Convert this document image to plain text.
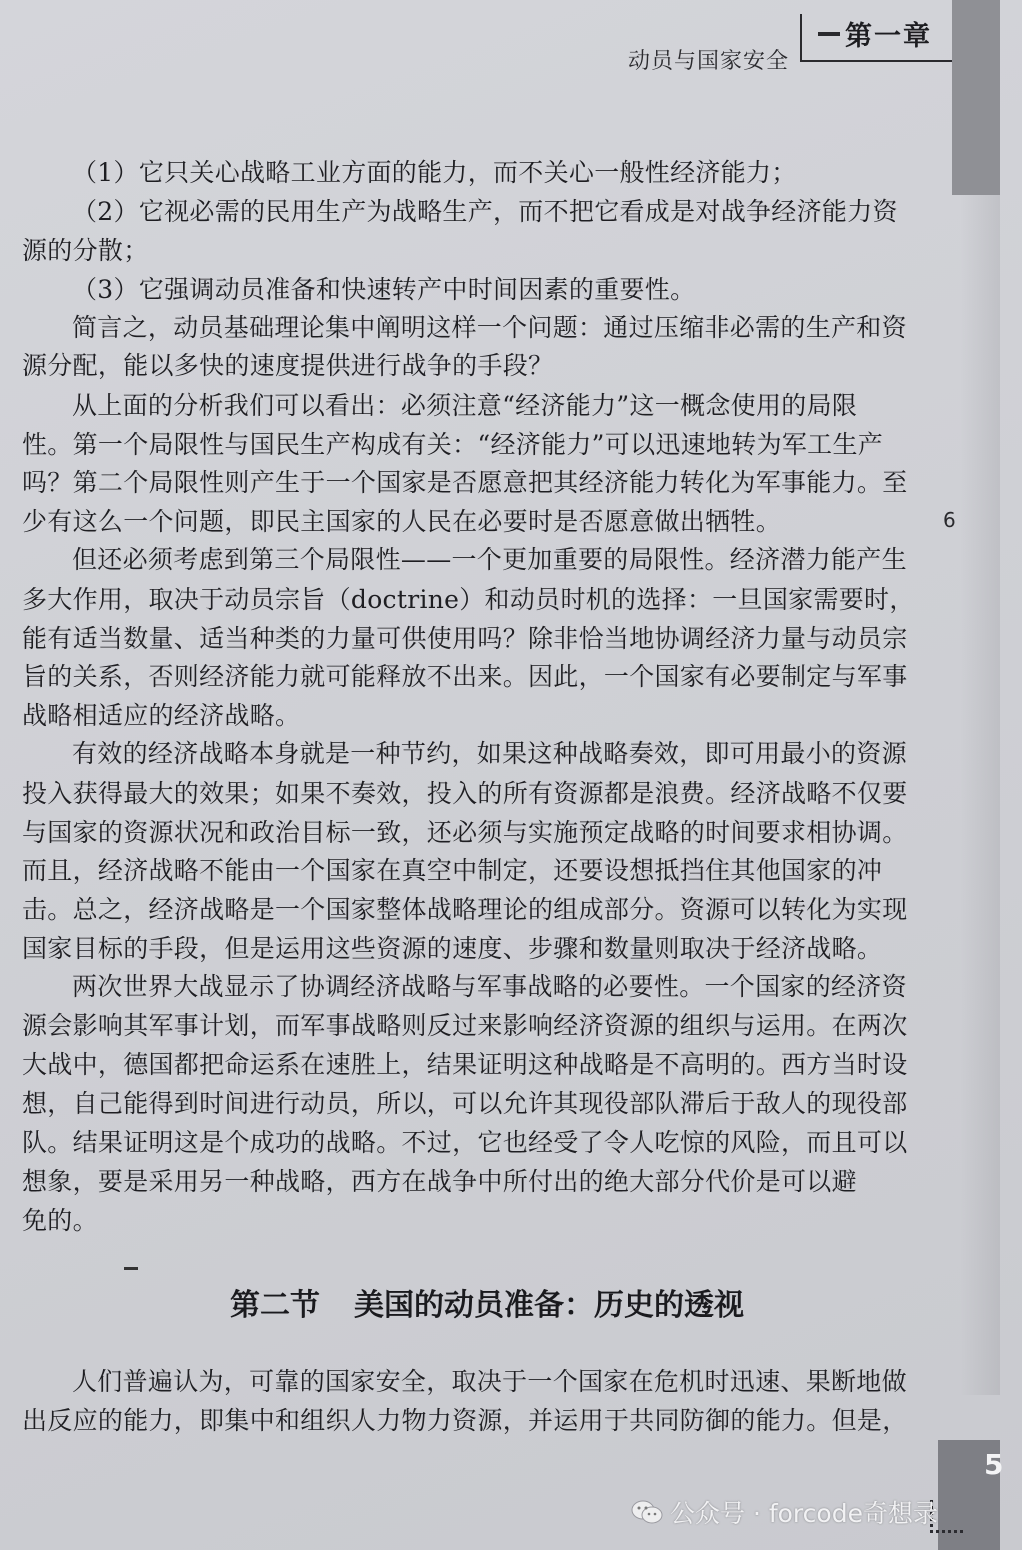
动员与国家安全
第一章
（1）它只关心战略工业方面的能力，而不关心一般性经济能力；
（2）它视必需的民用生产为战略生产，而不把它看成是对战争经济能力资
源的分散；
（3）它强调动员准备和快速转产中时间因素的重要性。
简言之，动员基础理论集中阐明这样一个问题：通过压缩非必需的生产和资
源分配，能以多快的速度提供进行战争的手段？
从上面的分析我们可以看出：必须注意“经济能力”这一概念使用的局限
性。第一个局限性与国民生产构成有关：“经济能力”可以迅速地转为军工生产
吗？第二个局限性则产生于一个国家是否愿意把其经济能力转化为军事能力。至
少有这么一个问题，即民主国家的人民在必要时是否愿意做出牺牲。
但还必须考虑到第三个局限性——一个更加重要的局限性。经济潜力能产生
多大作用，取决于动员宗旨（doctrine）和动员时机的选择：一旦国家需要时，
能有适当数量、适当种类的力量可供使用吗？除非恰当地协调经济力量与动员宗
旨的关系，否则经济能力就可能释放不出来。因此，一个国家有必要制定与军事
战略相适应的经济战略。
有效的经济战略本身就是一种节约，如果这种战略奏效，即可用最小的资源
投入获得最大的效果；如果不奏效，投入的所有资源都是浪费。经济战略不仅要
与国家的资源状况和政治目标一致，还必须与实施预定战略的时间要求相协调。
而且，经济战略不能由一个国家在真空中制定，还要设想抵挡住其他国家的冲
击。总之，经济战略是一个国家整体战略理论的组成部分。资源可以转化为实现
国家目标的手段，但是运用这些资源的速度、步骤和数量则取决于经济战略。
两次世界大战显示了协调经济战略与军事战略的必要性。一个国家的经济资
源会影响其军事计划，而军事战略则反过来影响经济资源的组织与运用。在两次
大战中，德国都把命运系在速胜上，结果证明这种战略是不高明的。西方当时设
想，自己能得到时间进行动员，所以，可以允许其现役部队滞后于敌人的现役部
队。结果证明这是个成功的战略。不过，它也经受了令人吃惊的风险，而且可以
想象，要是采用另一种战略，西方在战争中所付出的绝大部分代价是可以避
免的。
6
第二节 美国的动员准备：历史的透视
人们普遍认为，可靠的国家安全，取决于一个国家在危机时迅速、果断地做
出反应的能力，即集中和组织人力物力资源，并运用于共同防御的能力。但是，
5
公众号 · forcode奇想录
